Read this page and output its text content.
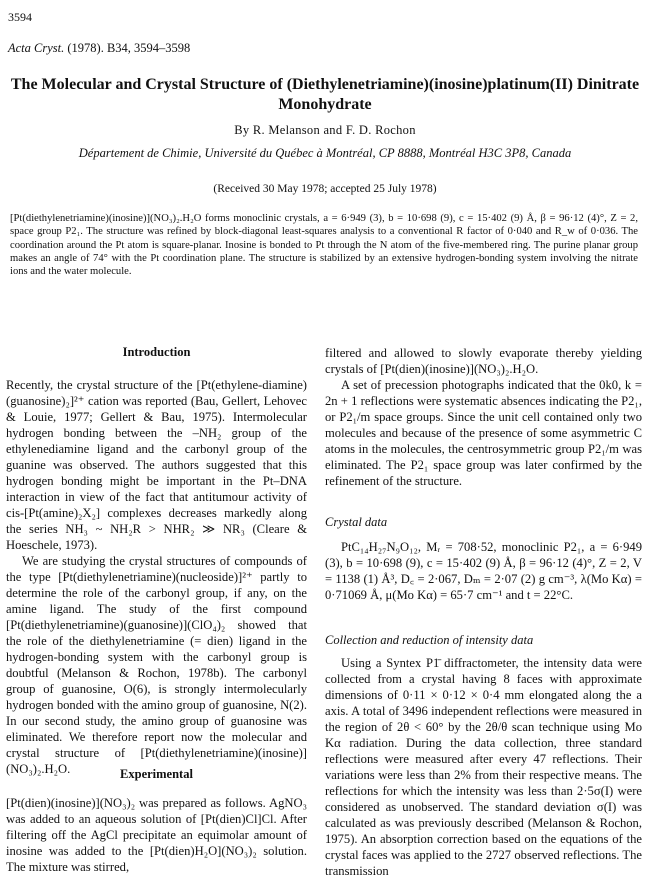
3594
Acta Cryst. (1978). B34, 3594–3598
The Molecular and Crystal Structure of (Diethylenetriamine)(inosine)platinum(II) Dinitrate Monohydrate
By R. Melanson and F. D. Rochon
Département de Chimie, Université du Québec à Montréal, CP 8888, Montréal H3C 3P8, Canada
(Received 30 May 1978; accepted 25 July 1978)

[Pt(diethylenetriamine)(inosine)](NO₃)₂.H₂O forms monoclinic crystals, a = 6·949 (3), b = 10·698 (9), c = 15·402 (9) Å, β = 96·12 (4)°, Z = 2, space group P2₁. The structure was refined by block-diagonal least-squares analysis to a conventional R factor of 0·040 and R_w of 0·036. The coordination around the Pt atom is square-planar. Inosine is bonded to Pt through the N atom of the five-membered ring. The purine planar group makes an angle of 74° with the Pt coordination plane. The structure is stabilized by an extensive hydrogen-bonding system involving the nitrate ions and the water molecule.

Introduction

Recently, the crystal structure of the [Pt(ethylene-diamine)(guanosine)₂]²⁺ cation was reported (Bau, Gellert, Lehovec & Louie, 1977; Gellert & Bau, 1975). Intermolecular hydrogen bonding between the –NH₂ group of the ethylenediamine ligand and the carbonyl group of the guanine was observed. The authors suggested that this hydrogen bonding might be important in the Pt–DNA interaction in view of the fact that antitumour activity of cis-[Pt(amine)₂X₂] complexes decreases markedly along the series NH₃ ~ NH₂R > NHR₂ ≫ NR₃ (Cleare & Hoeschele, 1973).

We are studying the crystal structures of compounds of the type [Pt(diethylenetriamine)(nucleoside)]²⁺ partly to determine the role of the carbonyl group, if any, on the amine ligand. The study of the first compound [Pt(diethylenetriamine)(guanosine)](ClO₄)₂ showed that the role of the diethylenetriamine (= dien) ligand in the hydrogen-bonding system with the carbonyl group is doubtful (Melanson & Rochon, 1978b). The carbonyl group of guanosine, O(6), is strongly intermolecularly hydrogen bonded with the amino group of guanosine, N(2). In our second study, the amino group of guanosine was eliminated. We therefore report now the molecular and crystal structure of [Pt(diethylenetriamine)(inosine)](NO₃)₂.H₂O.	Experimental

[Pt(dien)(inosine)](NO₃)₂ was prepared as follows. AgNO₃ was added to an aqueous solution of [Pt(dien)Cl]Cl. After filtering off the AgCl precipitate an equimolar amount of inosine was added to the [Pt(dien)H₂O](NO₃)₂ solution. The mixture was stirred,

filtered and allowed to slowly evaporate thereby yielding crystals of [Pt(dien)(inosine)](NO₃)₂.H₂O.

A set of precession photographs indicated that the 0k0, k = 2n + 1 reflections were systematic absences indicating the P2₁, or P2₁/m space groups. Since the unit cell contained only two molecules and because of the presence of some asymmetric C atoms in the molecules, the centrosymmetric group P2₁/m was eliminated. The P2₁ space group was later confirmed by the refinement of the structure.

Crystal data

PtC₁₄H₂₇N₉O₁₂, Mᵣ = 708·52, monoclinic P2₁, a = 6·949 (3), b = 10·698 (9), c = 15·402 (9) Å, β = 96·12 (4)°, Z = 2, V = 1138 (1) Å³, D꜀ = 2·067, Dₘ = 2·07 (2) g cm⁻³, λ(Mo Kα) = 0·71069 Å, μ(Mo Kα) = 65·7 cm⁻¹ and t = 22°C.

Collection and reduction of intensity data

Using a Syntex P1̄ diffractometer, the intensity data were collected from a crystal having 8 faces with approximate dimensions of 0·11 × 0·12 × 0·4 mm elongated along the a axis. A total of 3496 independent reflections were measured in the region of 2θ < 60° by the 2θ/θ scan technique using Mo Kα radiation. During the data collection, three standard reflections were measured after every 47 reflections. Their variations were less than 2% from their respective means. The reflections for which the intensity was less than 2·5σ(I) were considered as unobserved. The standard deviation σ(I) was calculated as was previously described (Melanson & Rochon, 1975). An absorption correction based on the equations of the crystal faces was applied to the 2727 observed reflections. The transmission
